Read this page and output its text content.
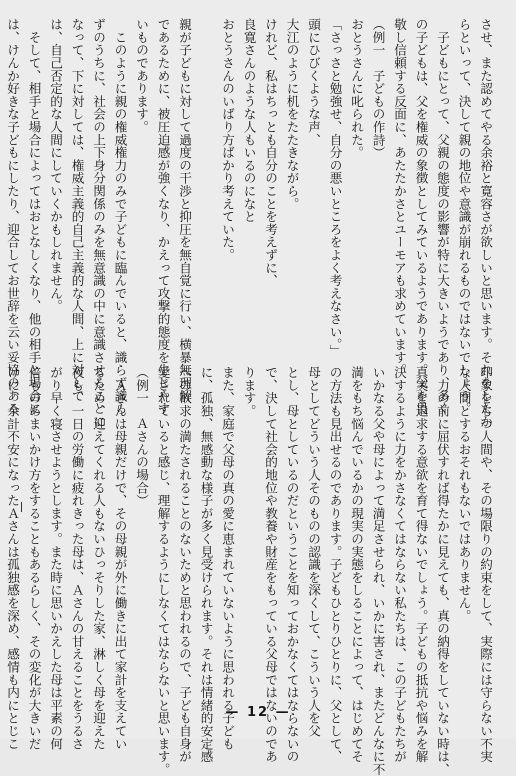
させ、また認めてやる余裕と寛容さが欲しいと思います。それをしたか
らといって、決して親の地位や意識が崩れるものではないでしょう。
　子どもにとって、父親の態度の影響が特に大きいようであり、多く
の子どもは、父を権威の象徴としてみているようであります。父を畏
敬し信頼する反面に、あたたかさとユーモアも求めています。
（例一　子どもの作詩）
おとうさんに叱られた。
「さっさと勉強せ、自分の悪いところをよく考えなさい。」
頭にひびくような声、
大江のように机をたたきながら。
けれど、私はちっとも自分のことを考えずに、
良寛さんのような人もいるのになと
おとうさんのいばり方ばかり考えていた。

親が子どもに対して過度の干渉と抑圧を無自覚に行い、横暴無理解
であるために、被圧迫感が強くなり、かえって攻撃的態度を生じやす
いものであります。
　このように親の権威権力のみで子どもに臨んでいると、識らず識ら
ずのうちに、社会の上下身分関係のみを無意識の中に意識させることに
なって、下に対しては、権威主義的自己主義的な人間、上に対して
は、自己否定的な人間にしていくかもしれません。
　そして、相手と場合によってはおとなしくなり、他の相手と場合に
は、けんか好きな子どもにしたり、迎合してお世辞を云い妥協のある
印象をもつ人間や、その場限りの約束をして、実際には守らない不実
な人間とするおそれもないではありません。
　力の前に屈伏すれば得たかに見えても、真の納得をしていない時は、
真実を追求する意欲を育て得ないでしょう。子どもの抵抗や悩みを解
決するように力をかさなくてはならない私たちは、この子どもたちが
いかなる父や母によって満足させられ、いかに害され、またどんなに不
満をもち悩んでいるかの現実の実態をしることによって、はじめてそ
の方法も見出せるのであります。子どもひとりひとりに、父として、
母としてどういう人そのものの認識を深くして、こういう人を父
とし、母としているのだということを知っておかなくてはならないの
で、決して社会的地位や教養や財産をもっている父母ではないのであ
ります。
また、家庭で父母の真の愛に恵まれていないように思われる子ども
に、孤独、無感動な様子が多く見受けられます。それは情緒的安定感
への欲求の満たされることのないためと思われるので、子ども自身が
愛されていると感じ、理解するようにしなくてはならないと思います。
（例一　Ａさんの場合）
　Ａさんは母親だけで、その母親が外に働きに出て家計を支えてい
るため、迎えてくれる人もないひっそりした家、淋しく母を迎えた
夜も、一日の労働に疲れきった母は、Ａさんの甘えることをうるさ
がり早く寝させようとします。また時に思いかえした母は平素の何
倍ものあまいかけ方をすることもあるらしく、その変化が大きいだ
けに、余計不安になったＡさんは孤独感を深め、感情も内にとじこ	— 12 —
